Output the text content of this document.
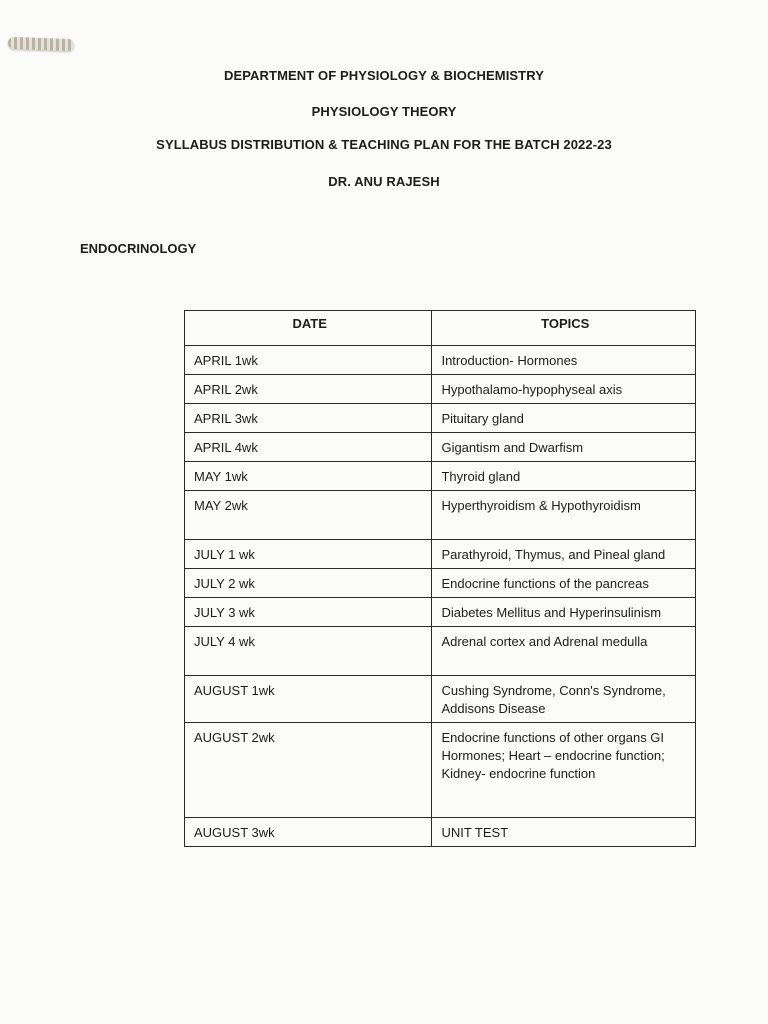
DEPARTMENT OF PHYSIOLOGY & BIOCHEMISTRY
PHYSIOLOGY THEORY
SYLLABUS DISTRIBUTION & TEACHING PLAN FOR THE BATCH 2022-23
DR. ANU RAJESH
ENDOCRINOLOGY
DATE	TOPICS
APRIL 1wk	Introduction- Hormones
APRIL 2wk	Hypothalamo-hypophyseal axis
APRIL 3wk	Pituitary gland
APRIL 4wk	Gigantism and Dwarfism
MAY 1wk	Thyroid gland
MAY 2wk	Hyperthyroidism & Hypothyroidism
JULY 1 wk	Parathyroid, Thymus, and Pineal gland
JULY 2 wk	Endocrine functions of the pancreas
JULY 3 wk	Diabetes Mellitus and Hyperinsulinism
JULY 4 wk	Adrenal cortex and Adrenal medulla
AUGUST 1wk	Cushing Syndrome, Conn's Syndrome, Addisons Disease
AUGUST 2wk	Endocrine functions of other organs GI Hormones; Heart – endocrine function; Kidney- endocrine function
AUGUST 3wk	UNIT TEST
